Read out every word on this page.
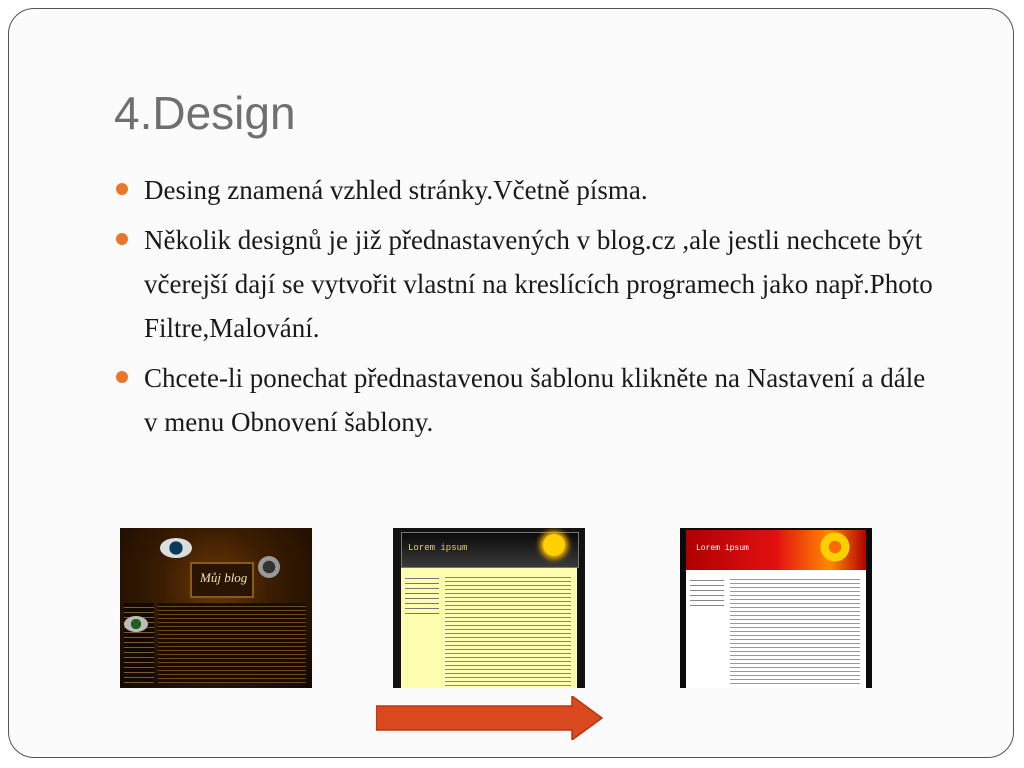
4.Design
Desing znamená vzhled stránky.Včetně písma.
Několik designů je již přednastavených v blog.cz ,ale jestli nechcete být včerejší dají se vytvořit vlastní na kreslících programech jako např.Photo Filtre,Malování.
Chcete-li ponechat přednastavenou šablonu klikněte na Nastavení a dále v menu Obnovení šablony.
Můj blog
Lorem ipsum	Lorem ipsum
